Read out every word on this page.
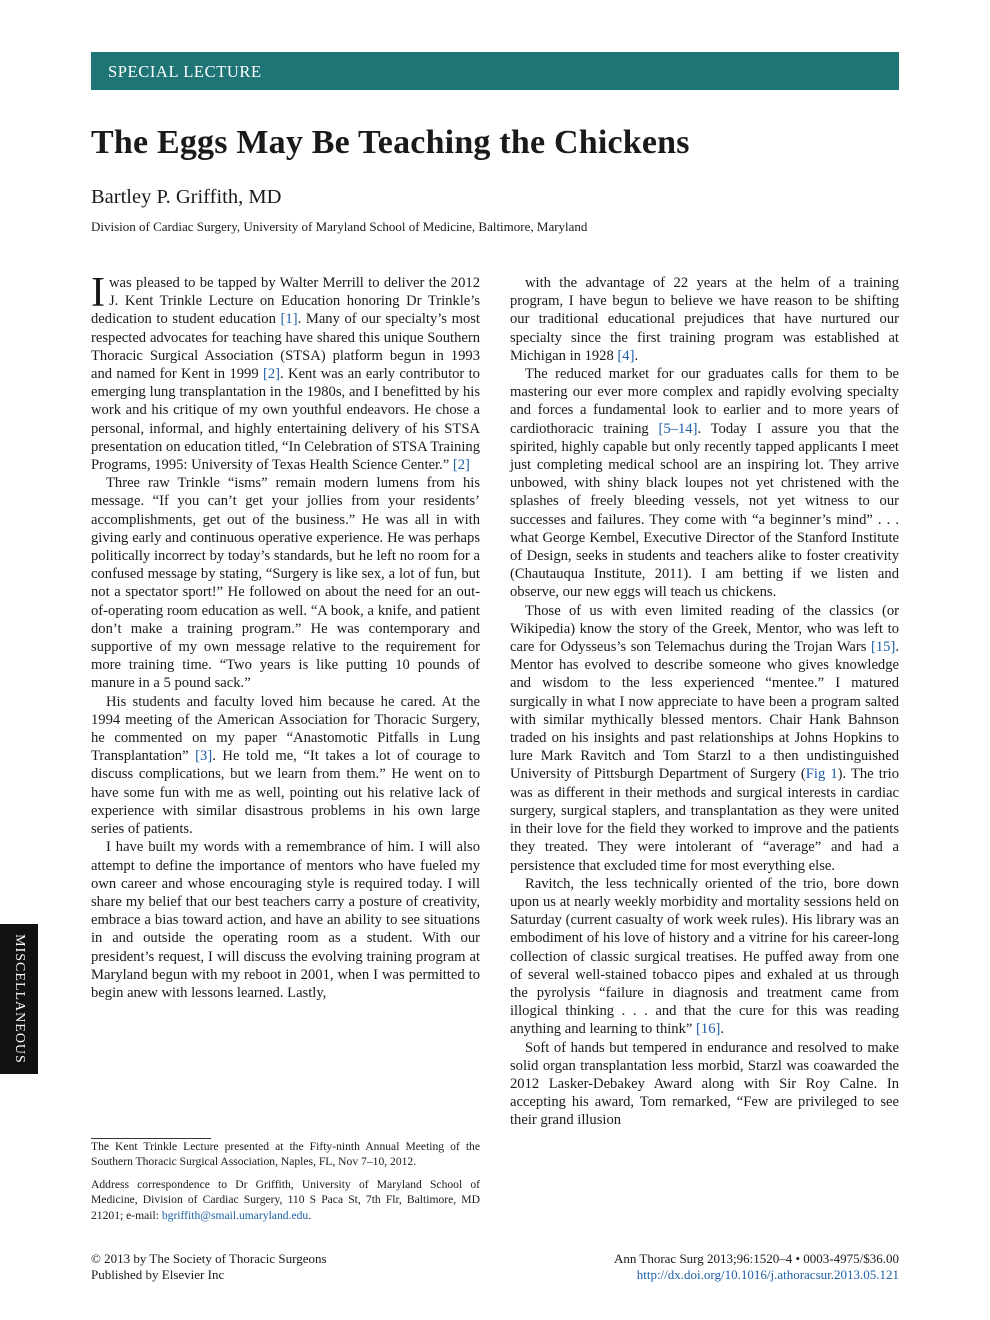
SPECIAL LECTURE
The Eggs May Be Teaching the Chickens
Bartley P. Griffith, MD
Division of Cardiac Surgery, University of Maryland School of Medicine, Baltimore, Maryland

Iwas pleased to be tapped by Walter Merrill to deliver the 2012 J. Kent Trinkle Lecture on Education honoring Dr Trinkle’s dedication to student education [1]. Many of our specialty’s most respected advocates for teaching have shared this unique Southern Thoracic Surgical Association (STSA) platform begun in 1993 and named for Kent in 1999 [2]. Kent was an early contributor to emerging lung transplantation in the 1980s, and I benefitted by his work and his critique of my own youthful endeavors. He chose a personal, informal, and highly entertaining delivery of his STSA presentation on education titled, “In Celebration of STSA Training Programs, 1995: University of Texas Health Science Center.” [2]

Three raw Trinkle “isms” remain modern lumens from his message. “If you can’t get your jollies from your residents’ accomplishments, get out of the business.” He was all in with giving early and continuous operative experience. He was perhaps politically incorrect by today’s standards, but he left no room for a confused message by stating, “Surgery is like sex, a lot of fun, but not a spectator sport!” He followed on about the need for an out-of-operating room education as well. “A book, a knife, and patient don’t make a training program.” He was contemporary and supportive of my own message relative to the requirement for more training time. “Two years is like putting 10 pounds of manure in a 5 pound sack.”

His students and faculty loved him because he cared. At the 1994 meeting of the American Association for Thoracic Surgery, he commented on my paper “Anastomotic Pitfalls in Lung Transplantation” [3]. He told me, “It takes a lot of courage to discuss complications, but we learn from them.” He went on to have some fun with me as well, pointing out his relative lack of experience with similar disastrous problems in his own large series of patients.

I have built my words with a remembrance of him. I will also attempt to define the importance of mentors who have fueled my own career and whose encouraging style is required today. I will share my belief that our best teachers carry a posture of creativity, embrace a bias toward action, and have an ability to see situations in and outside the operating room as a student. With our president’s request, I will discuss the evolving training program at Maryland begun with my reboot in 2001, when I was permitted to begin anew with lessons learned. Lastly,

with the advantage of 22 years at the helm of a training program, I have begun to believe we have reason to be shifting our traditional educational prejudices that have nurtured our specialty since the first training program was established at Michigan in 1928 [4].

The reduced market for our graduates calls for them to be mastering our ever more complex and rapidly evolving specialty and forces a fundamental look to earlier and to more years of cardiothoracic training [5–14]. Today I assure you that the spirited, highly capable but only recently tapped applicants I meet just completing medical school are an inspiring lot. They arrive unbowed, with shiny black loupes not yet christened with the splashes of freely bleeding vessels, not yet witness to our successes and failures. They come with “a beginner’s mind” . . . what George Kembel, Executive Director of the Stanford Institute of Design, seeks in students and teachers alike to foster creativity (Chautauqua Institute, 2011). I am betting if we listen and observe, our new eggs will teach us chickens.

Those of us with even limited reading of the classics (or Wikipedia) know the story of the Greek, Mentor, who was left to care for Odysseus’s son Telemachus during the Trojan Wars [15]. Mentor has evolved to describe someone who gives knowledge and wisdom to the less experienced “mentee.” I matured surgically in what I now appreciate to have been a program salted with similar mythically blessed mentors. Chair Hank Bahnson traded on his insights and past relationships at Johns Hopkins to lure Mark Ravitch and Tom Starzl to a then undistinguished University of Pittsburgh Department of Surgery (Fig 1). The trio was as different in their methods and surgical interests in cardiac surgery, surgical staplers, and transplantation as they were united in their love for the field they worked to improve and the patients they treated. They were intolerant of “average” and had a persistence that excluded time for most everything else.

Ravitch, the less technically oriented of the trio, bore down upon us at nearly weekly morbidity and mortality sessions held on Saturday (current casualty of work week rules). His library was an embodiment of his love of history and a vitrine for his career-long collection of classic surgical treatises. He puffed away from one of several well-stained tobacco pipes and exhaled at us through the pyrolysis “failure in diagnosis and treatment came from illogical thinking . . . and that the cure for this was reading anything and learning to think” [16].

Soft of hands but tempered in endurance and resolved to make solid organ transplantation less morbid, Starzl was coawarded the 2012 Lasker-Debakey Award along with Sir Roy Calne. In accepting his award, Tom remarked, “Few are privileged to see their grand illusion

The Kent Trinkle Lecture presented at the Fifty-ninth Annual Meeting of the Southern Thoracic Surgical Association, Naples, FL, Nov 7–10, 2012.
Address correspondence to Dr Griffith, University of Maryland School of Medicine, Division of Cardiac Surgery, 110 S Paca St, 7th Flr, Baltimore, MD 21201; e-mail: bgriffith@smail.umaryland.edu.
© 2013 by The Society of Thoracic Surgeons
Published by Elsevier Inc
Ann Thorac Surg 2013;96:1520–4 • 0003-4975/$36.00
http://dx.doi.org/10.1016/j.athoracsur.2013.05.121
MISCELLANEOUS
